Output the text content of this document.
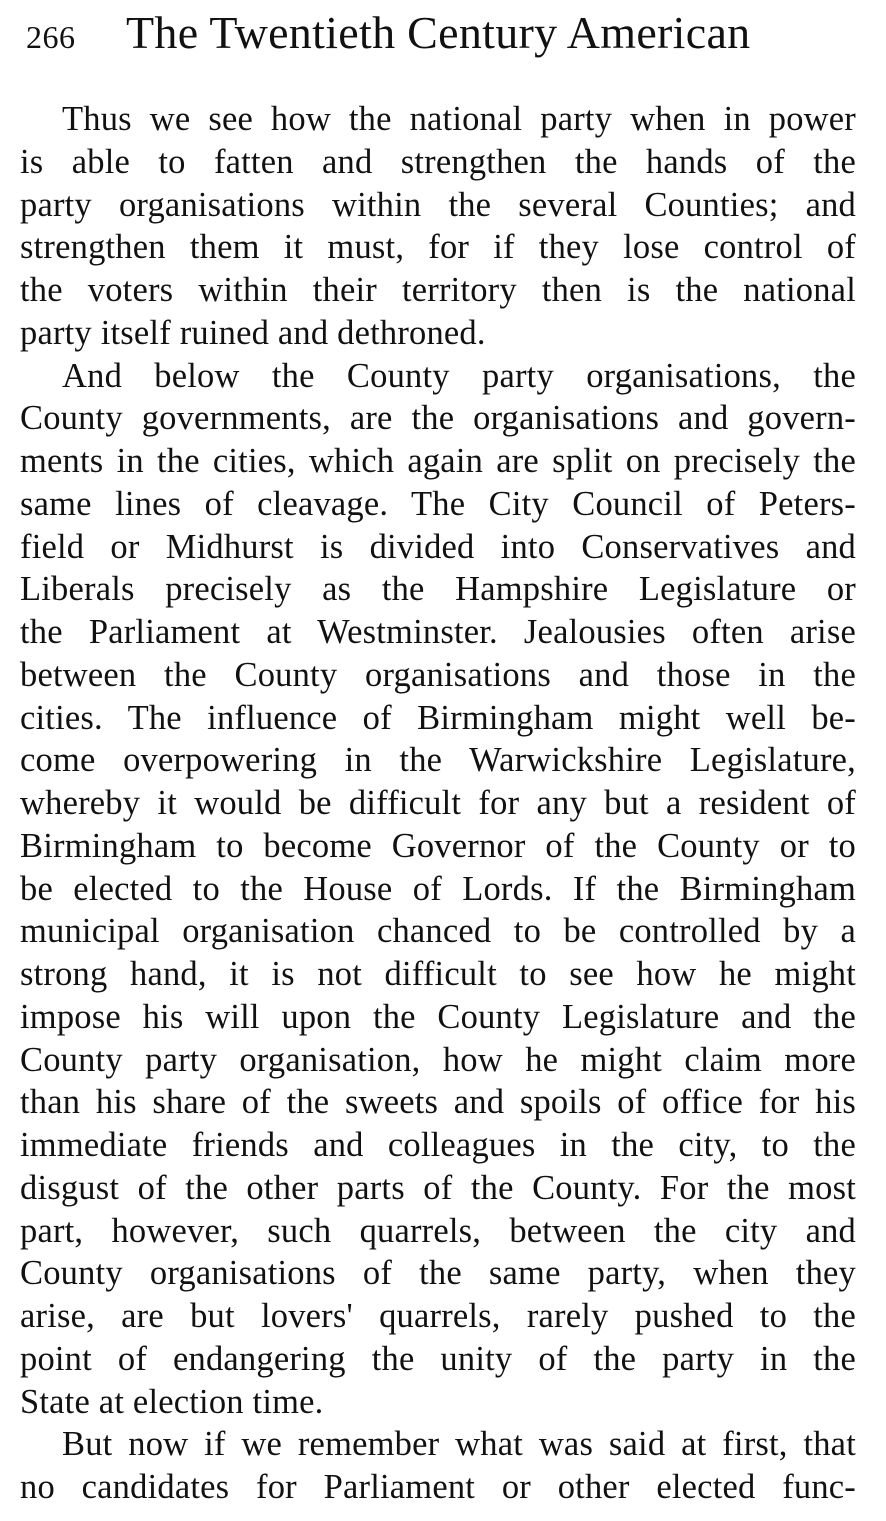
266	The Twentieth Century American
Thus we see how the national party when in power
is able to fatten and strengthen the hands of the
party organisations within the several Counties; and
strengthen them it must, for if they lose control of
the voters within their territory then is the national
party itself ruined and dethroned.
And below the County party organisations, the
County governments, are the organisations and govern-
ments in the cities, which again are split on precisely the
same lines of cleavage. The City Council of Peters-
field or Midhurst is divided into Conservatives and
Liberals precisely as the Hampshire Legislature or
the Parliament at Westminster. Jealousies often arise
between the County organisations and those in the
cities. The influence of Birmingham might well be-
come overpowering in the Warwickshire Legislature,
whereby it would be difficult for any but a resident of
Birmingham to become Governor of the County or to
be elected to the House of Lords. If the Birmingham
municipal organisation chanced to be controlled by a
strong hand, it is not difficult to see how he might
impose his will upon the County Legislature and the
County party organisation, how he might claim more
than his share of the sweets and spoils of office for his
immediate friends and colleagues in the city, to the
disgust of the other parts of the County. For the most
part, however, such quarrels, between the city and
County organisations of the same party, when they
arise, are but lovers' quarrels, rarely pushed to the
point of endangering the unity of the party in the
State at election time.
But now if we remember what was said at first, that
no candidates for Parliament or other elected func-
